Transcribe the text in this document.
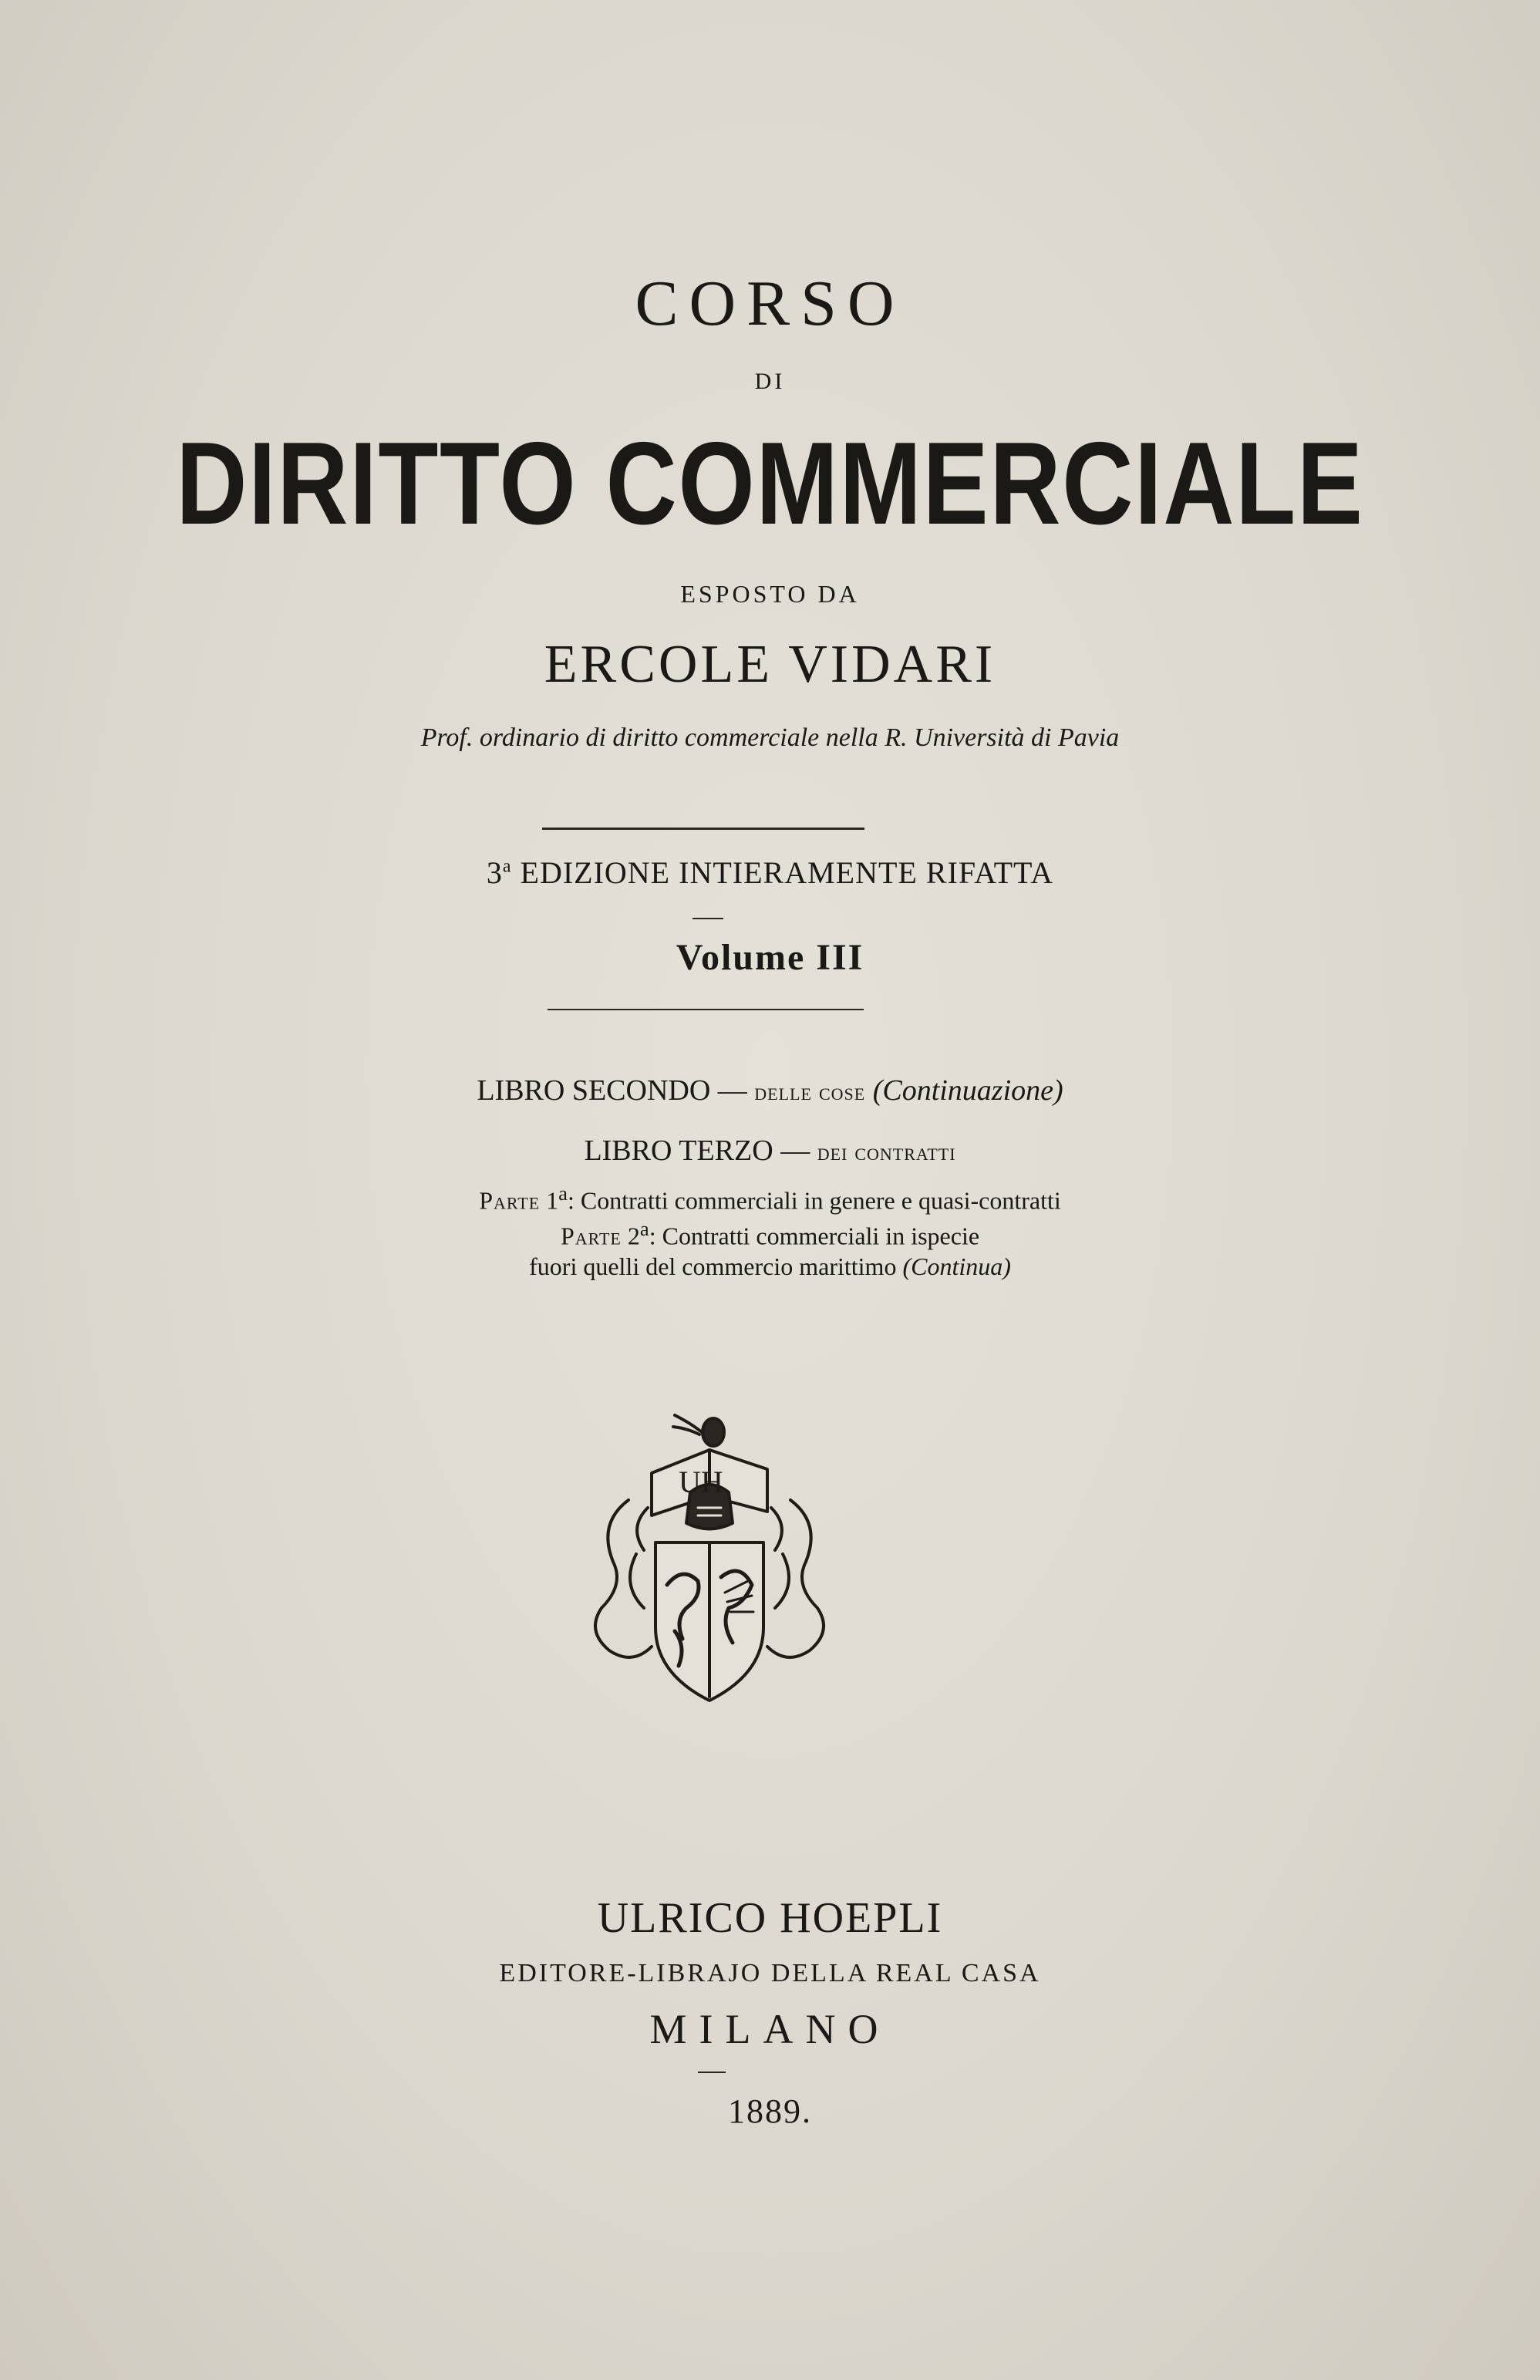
CORSO
DI
DIRITTO COMMERCIALE
ESPOSTO DA
ERCOLE VIDARI
Prof. ordinario di diritto commerciale nella R. Università di Pavia
3$^a$ EDIZIONE INTIERAMENTE RIFATTA
Volume III
LIBRO SECONDO — delle cose (Continuazione)
LIBRO TERZO — dei contratti
Parte 1$^a$: Contratti commerciali in genere e quasi-contratti
Parte 2$^a$: Contratti commerciali in ispecie
fuori quelli del commercio marittimo (Continua)
UH
ULRICO HOEPLI
EDITORE-LIBRAJO DELLA REAL CASA
MILANO
1889.
